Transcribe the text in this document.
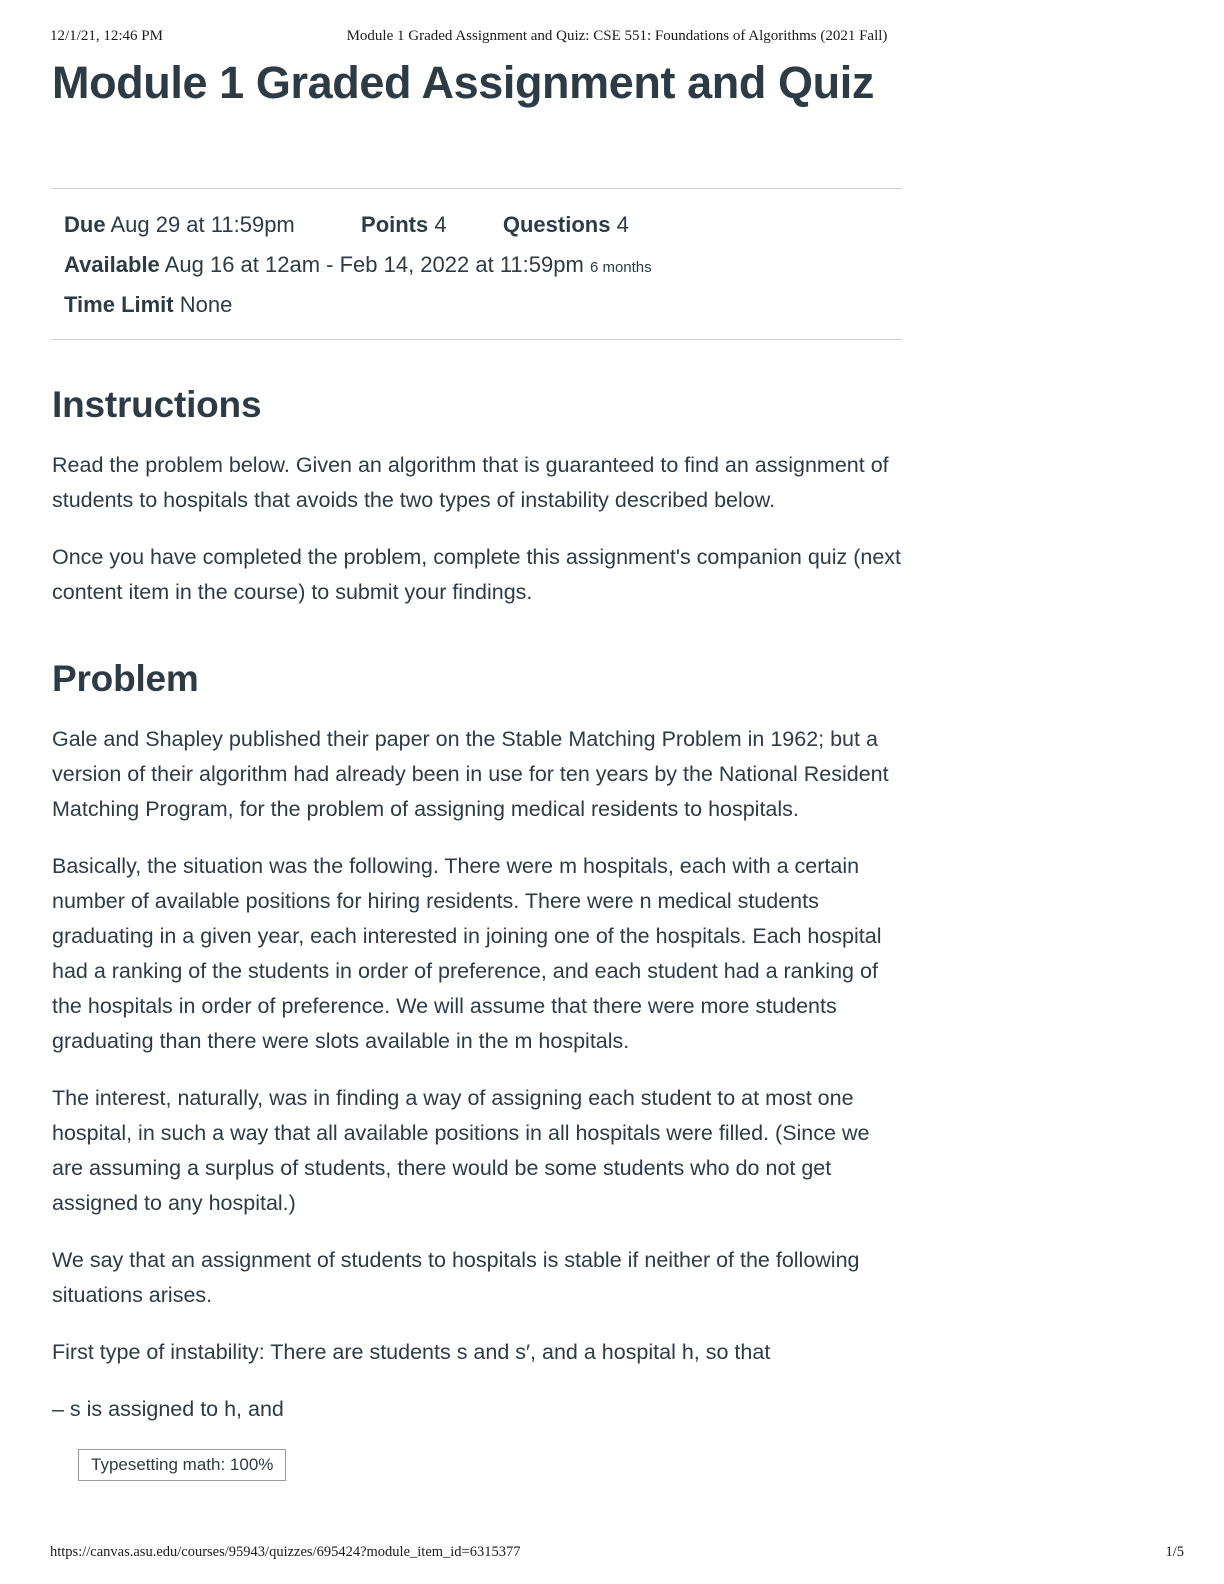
12/1/21, 12:46 PM	Module 1 Graded Assignment and Quiz: CSE 551: Foundations of Algorithms (2021 Fall)
Module 1 Graded Assignment and Quiz
Due Aug 29 at 11:59pm	Points 4	Questions 4
Available Aug 16 at 12am - Feb 14, 2022 at 11:59pm 6 months
Time Limit None
Instructions

Read the problem below. Given an algorithm that is guaranteed to find an assignment of students to hospitals that avoids the two types of instability described below.

Once you have completed the problem, complete this assignment's companion quiz (next content item in the course) to submit your findings.

Problem

Gale and Shapley published their paper on the Stable Matching Problem in 1962; but a version of their algorithm had already been in use for ten years by the National Resident Matching Program, for the problem of assigning medical residents to hospitals.

Basically, the situation was the following. There were m hospitals, each with a certain number of available positions for hiring residents. There were n medical students graduating in a given year, each interested in joining one of the hospitals. Each hospital had a ranking of the students in order of preference, and each student had a ranking of the hospitals in order of preference. We will assume that there were more students graduating than there were slots available in the m hospitals.

The interest, naturally, was in finding a way of assigning each student to at most one hospital, in such a way that all available positions in all hospitals were filled. (Since we are assuming a surplus of students, there would be some students who do not get assigned to any hospital.)

We say that an assignment of students to hospitals is stable if neither of the following situations arises.

First type of instability: There are students s and s′, and a hospital h, so that

– s is assigned to h, and

Typesetting math: 100%
https://canvas.asu.edu/courses/95943/quizzes/695424?module_item_id=6315377	1/5
